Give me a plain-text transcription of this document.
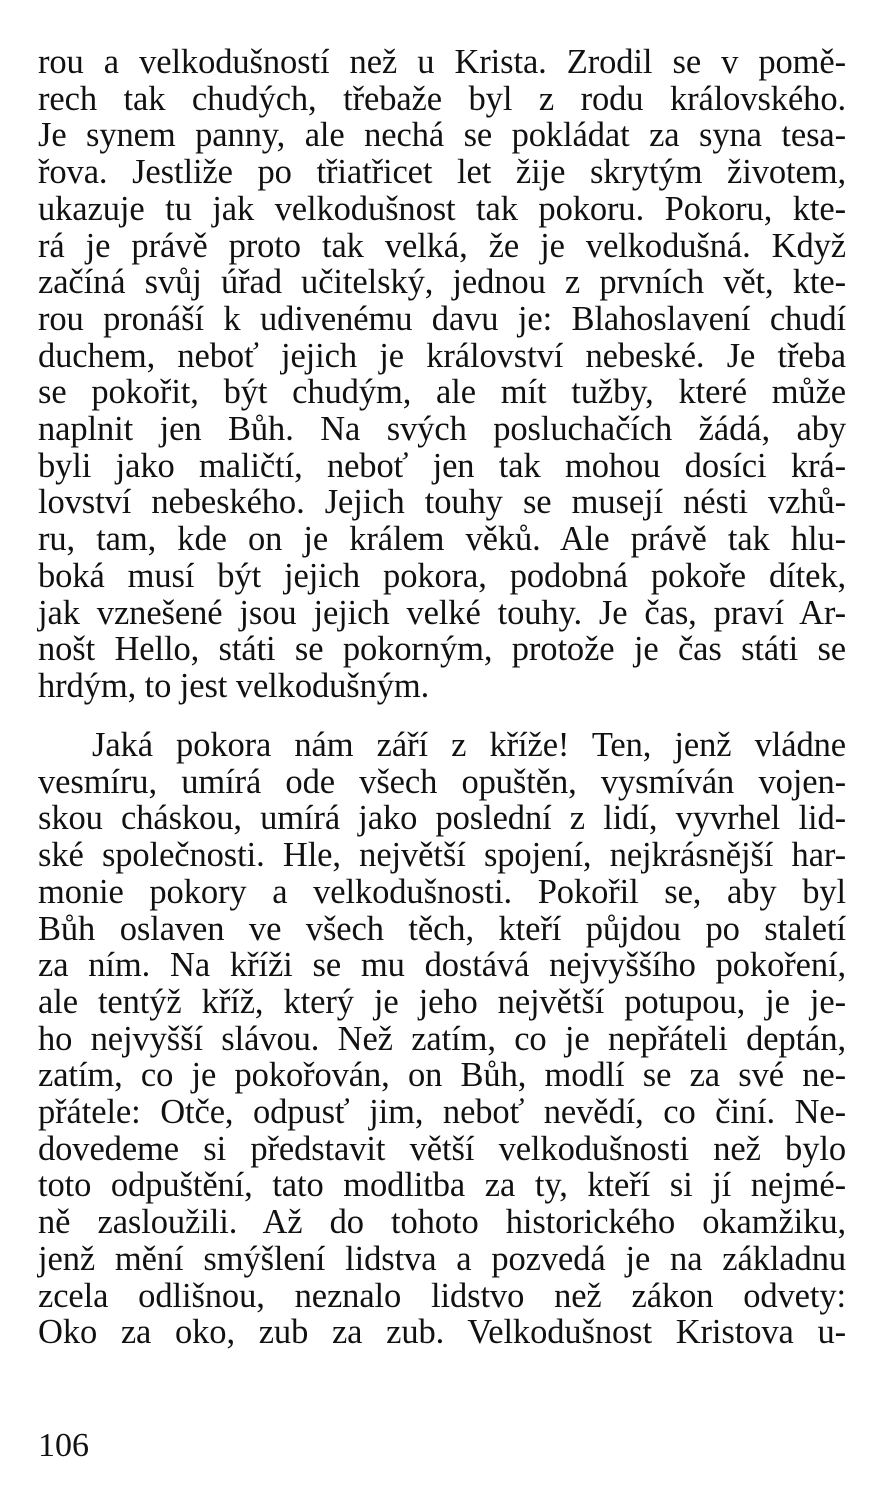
rou a velkodušností než u Krista. Zrodil se v pomě-
rech tak chudých, třebaže byl z rodu královského.
Je synem panny, ale nechá se pokládat za syna tesa-
řova. Jestliže po třiatřicet let žije skrytým životem,
ukazuje tu jak velkodušnost tak pokoru. Pokoru, kte-
rá je právě proto tak velká, že je velkodušná. Když
začíná svůj úřad učitelský, jednou z prvních vět, kte-
rou pronáší k udivenému davu je: Blahoslavení chudí
duchem, neboť jejich je království nebeské. Je třeba
se pokořit, být chudým, ale mít tužby, které může
naplnit jen Bůh. Na svých posluchačích žádá, aby
byli jako maličtí, neboť jen tak mohou dosíci krá-
lovství nebeského. Jejich touhy se musejí nésti vzhů-
ru, tam, kde on je králem věků. Ale právě tak hlu-
boká musí být jejich pokora, podobná pokoře dítek,
jak vznešené jsou jejich velké touhy. Je čas, praví Ar-
nošt Hello, státi se pokorným, protože je čas státi se
hrdým, to jest velkodušným.
Jaká pokora nám září z kříže! Ten, jenž vládne
vesmíru, umírá ode všech opuštěn, vysmíván vojen-
skou cháskou, umírá jako poslední z lidí, vyvrhel lid-
ské společnosti. Hle, největší spojení, nejkrásnější har-
monie pokory a velkodušnosti. Pokořil se, aby byl
Bůh oslaven ve všech těch, kteří půjdou po staletí
za ním. Na kříži se mu dostává nejvyššího pokoření,
ale tentýž kříž, který je jeho největší potupou, je je-
ho nejvyšší slávou. Než zatím, co je nepřáteli deptán,
zatím, co je pokořován, on Bůh, modlí se za své ne-
přátele: Otče, odpusť jim, neboť nevědí, co činí. Ne-
dovedeme si představit větší velkodušnosti než bylo
toto odpuštění, tato modlitba za ty, kteří si jí nejmé-
ně zasloužili. Až do tohoto historického okamžiku,
jenž mění smýšlení lidstva a pozvedá je na základnu
zcela odlišnou, neznalo lidstvo než zákon odvety:
Oko za oko, zub za zub. Velkodušnost Kristova u-
106
